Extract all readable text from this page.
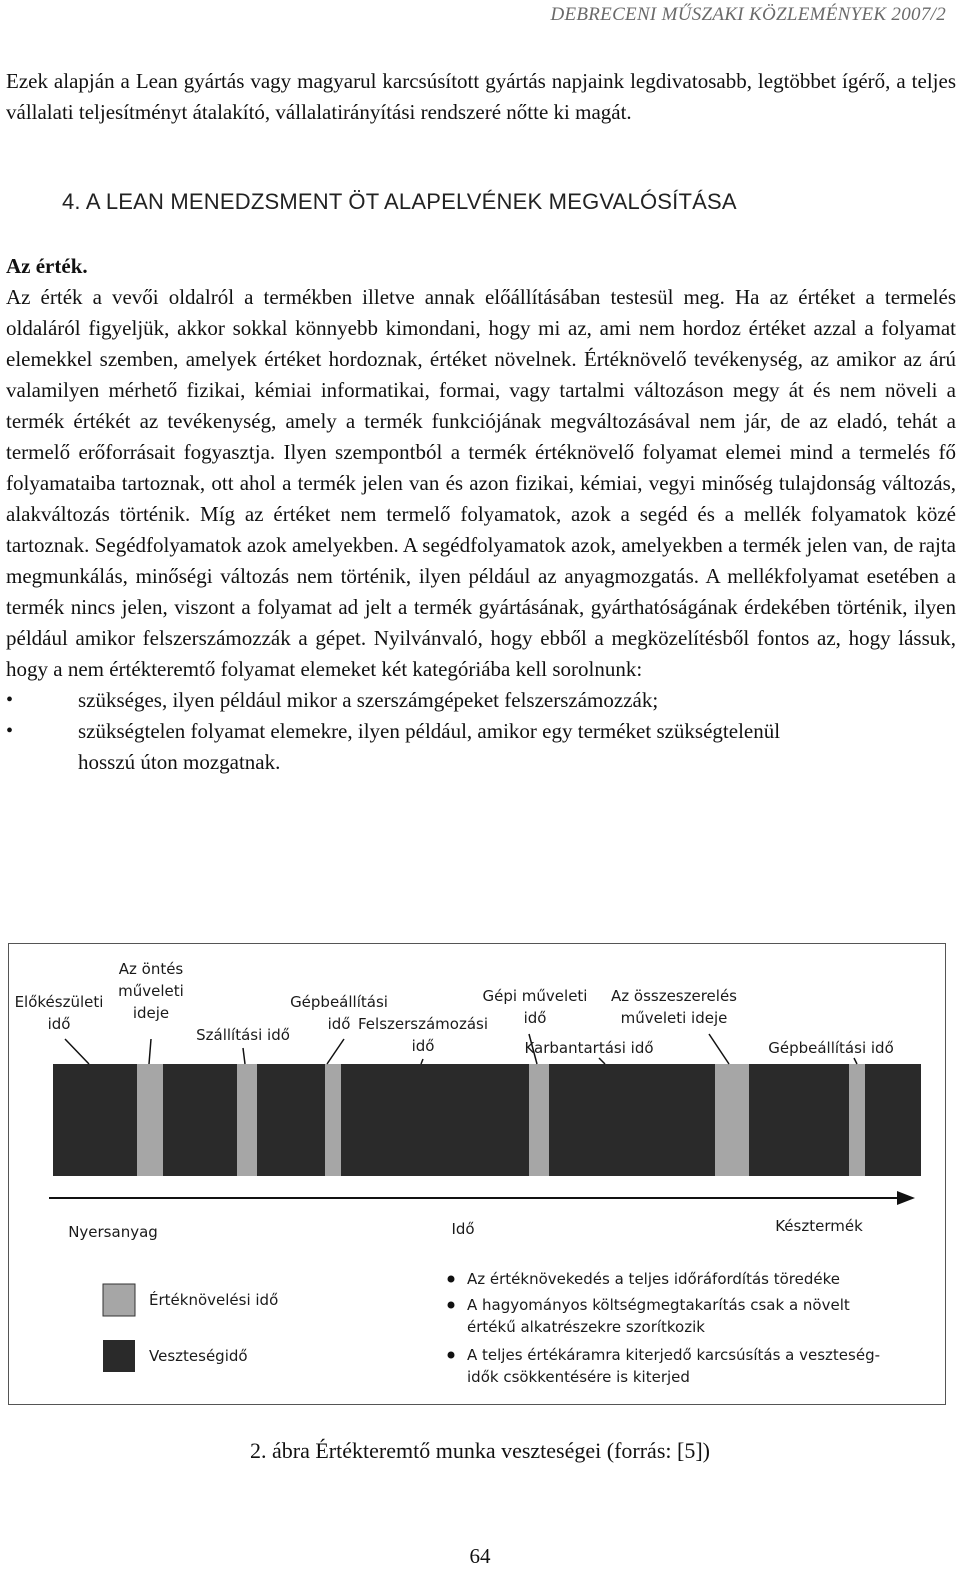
DEBRECENI MŰSZAKI KÖZLEMÉNYEK 2007/2

Ezek alapján a Lean gyártás vagy magyarul karcsúsított gyártás napjaink legdivatosabb, legtöbbet ígérő, a teljes vállalati teljesítményt átalakító, vállalatirányítási rendszeré nőtte ki magát.

4. A LEAN MENEDZSMENT ÖT ALAPELVÉNEK MEGVALÓSÍTÁSA

Az érték.

Az érték a vevői oldalról a termékben illetve annak előállításában testesül meg. Ha az értéket a termelés oldaláról figyeljük, akkor sokkal könnyebb kimondani, hogy mi az, ami nem hordoz értéket azzal a folyamat elemekkel szemben, amelyek értéket hordoznak, értéket növelnek. Értéknövelő tevékenység, az amikor az árú valamilyen mérhető fizikai, kémiai informatikai, formai, vagy tartalmi változáson megy át és nem növeli a termék értékét az tevékenység, amely a termék funkciójának megváltozásával nem jár, de az eladó, tehát a termelő erőforrásait fogyasztja. Ilyen szempontból a termék értéknövelő folyamat elemei mind a termelés fő folyamataiba tartoznak, ott ahol a termék jelen van és azon fizikai, kémiai, vegyi minőség tulajdonság változás, alakváltozás történik. Míg az értéket nem termelő folyamatok, azok a segéd és a mellék folyamatok közé tartoznak. Segédfolyamatok azok amelyekben. A segédfolyamatok azok, amelyekben a termék jelen van, de rajta megmunkálás, minőségi változás nem történik, ilyen például az anyagmozgatás. A mellékfolyamat esetében a termék nincs jelen, viszont a folyamat ad jelt a termék gyártásának, gyárthatóságának érdekében történik, ilyen például amikor felszerszámozzák a gépet. Nyilvánvaló, hogy ebből a megközelítésből fontos az, hogy lássuk, hogy a nem értékteremtő folyamat elemeket két kategóriába kell sorolnunk:

•	szükséges, ilyen például mikor a szerszámgépeket felszerszámozzák;
•	szükségtelen folyamat elemekre, ilyen például, amikor egy terméket szükségtelenül hosszú úton mozgatnak.
Előkészületi idő
Az öntés műveleti ideje
Szállítási idő
Gépbeállítási idő Felszerszámozási idő
Gépi műveleti idő
Karbantartási idő
Az összeszerelés műveleti ideje
Gépbeállítási idő
Nyersanyag	Idő	Késztermék
Értéknövelési idő
Veszteségidő
Az értéknövekedés a teljes időráfordítás töredéke
A hagyományos költségmegtakarítás csak a növelt értékű alkatrészekre szorítkozik
A teljes értékáramra kiterjedő karcsúsítás a veszteség-idők csökkentésére is kiterjed
2. ábra Értékteremtő munka veszteségei (forrás: [5])
64
